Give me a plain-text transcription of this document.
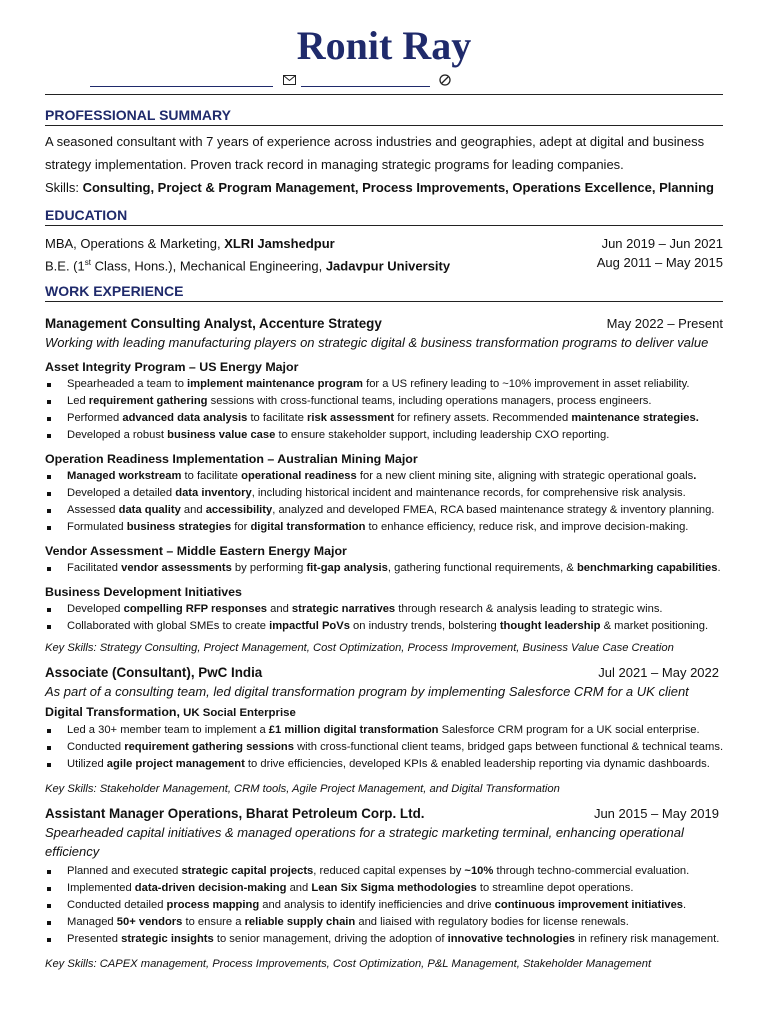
Ronit Ray
PROFESSIONAL SUMMARY
A seasoned consultant with 7 years of experience across industries and geographies, adept at digital and business strategy implementation. Proven track record in managing strategic programs for leading companies.
Skills: Consulting, Project & Program Management, Process Improvements, Operations Excellence, Planning
EDUCATION
MBA, Operations & Marketing, XLRI Jamshedpur	Jun 2019 – Jun 2021
B.E. (1st Class, Hons.), Mechanical Engineering, Jadavpur University	Aug 2011 – May 2015
WORK EXPERIENCE
Management Consulting Analyst, Accenture Strategy	May 2022 – Present
Working with leading manufacturing players on strategic digital & business transformation programs to deliver value
Asset Integrity Program – US Energy Major
Spearheaded a team to implement maintenance program for a US refinery leading to ~10% improvement in asset reliability.
Led requirement gathering sessions with cross-functional teams, including operations managers, process engineers.
Performed advanced data analysis to facilitate risk assessment for refinery assets. Recommended maintenance strategies.
Developed a robust business value case to ensure stakeholder support, including leadership CXO reporting.
Operation Readiness Implementation – Australian Mining Major
Managed workstream to facilitate operational readiness for a new client mining site, aligning with strategic operational goals.
Developed a detailed data inventory, including historical incident and maintenance records, for comprehensive risk analysis.
Assessed data quality and accessibility, analyzed and developed FMEA, RCA based maintenance strategy & inventory planning.
Formulated business strategies for digital transformation to enhance efficiency, reduce risk, and improve decision-making.
Vendor Assessment – Middle Eastern Energy Major
Facilitated vendor assessments by performing fit-gap analysis, gathering functional requirements, & benchmarking capabilities.
Business Development Initiatives
Developed compelling RFP responses and strategic narratives through research & analysis leading to strategic wins.
Collaborated with global SMEs to create impactful PoVs on industry trends, bolstering thought leadership & market positioning.
Key Skills: Strategy Consulting, Project Management, Cost Optimization, Process Improvement, Business Value Case Creation
Associate (Consultant), PwC India	Jul 2021 – May 2022
As part of a consulting team, led digital transformation program by implementing Salesforce CRM for a UK client
Digital Transformation, UK Social Enterprise
Led a 30+ member team to implement a £1 million digital transformation Salesforce CRM program for a UK social enterprise.
Conducted requirement gathering sessions with cross-functional client teams, bridged gaps between functional & technical teams.
Utilized agile project management to drive efficiencies, developed KPIs & enabled leadership reporting via dynamic dashboards.
Key Skills: Stakeholder Management, CRM tools, Agile Project Management, and Digital Transformation
Assistant Manager Operations, Bharat Petroleum Corp. Ltd.	Jun 2015 – May 2019
Spearheaded capital initiatives & managed operations for a strategic marketing terminal, enhancing operational efficiency
Planned and executed strategic capital projects, reduced capital expenses by ~10% through techno-commercial evaluation.
Implemented data-driven decision-making and Lean Six Sigma methodologies to streamline depot operations.
Conducted detailed process mapping and analysis to identify inefficiencies and drive continuous improvement initiatives.
Managed 50+ vendors to ensure a reliable supply chain and liaised with regulatory bodies for license renewals.
Presented strategic insights to senior management, driving the adoption of innovative technologies in refinery risk management.
Key Skills: CAPEX management, Process Improvements, Cost Optimization, P&L Management, Stakeholder Management
